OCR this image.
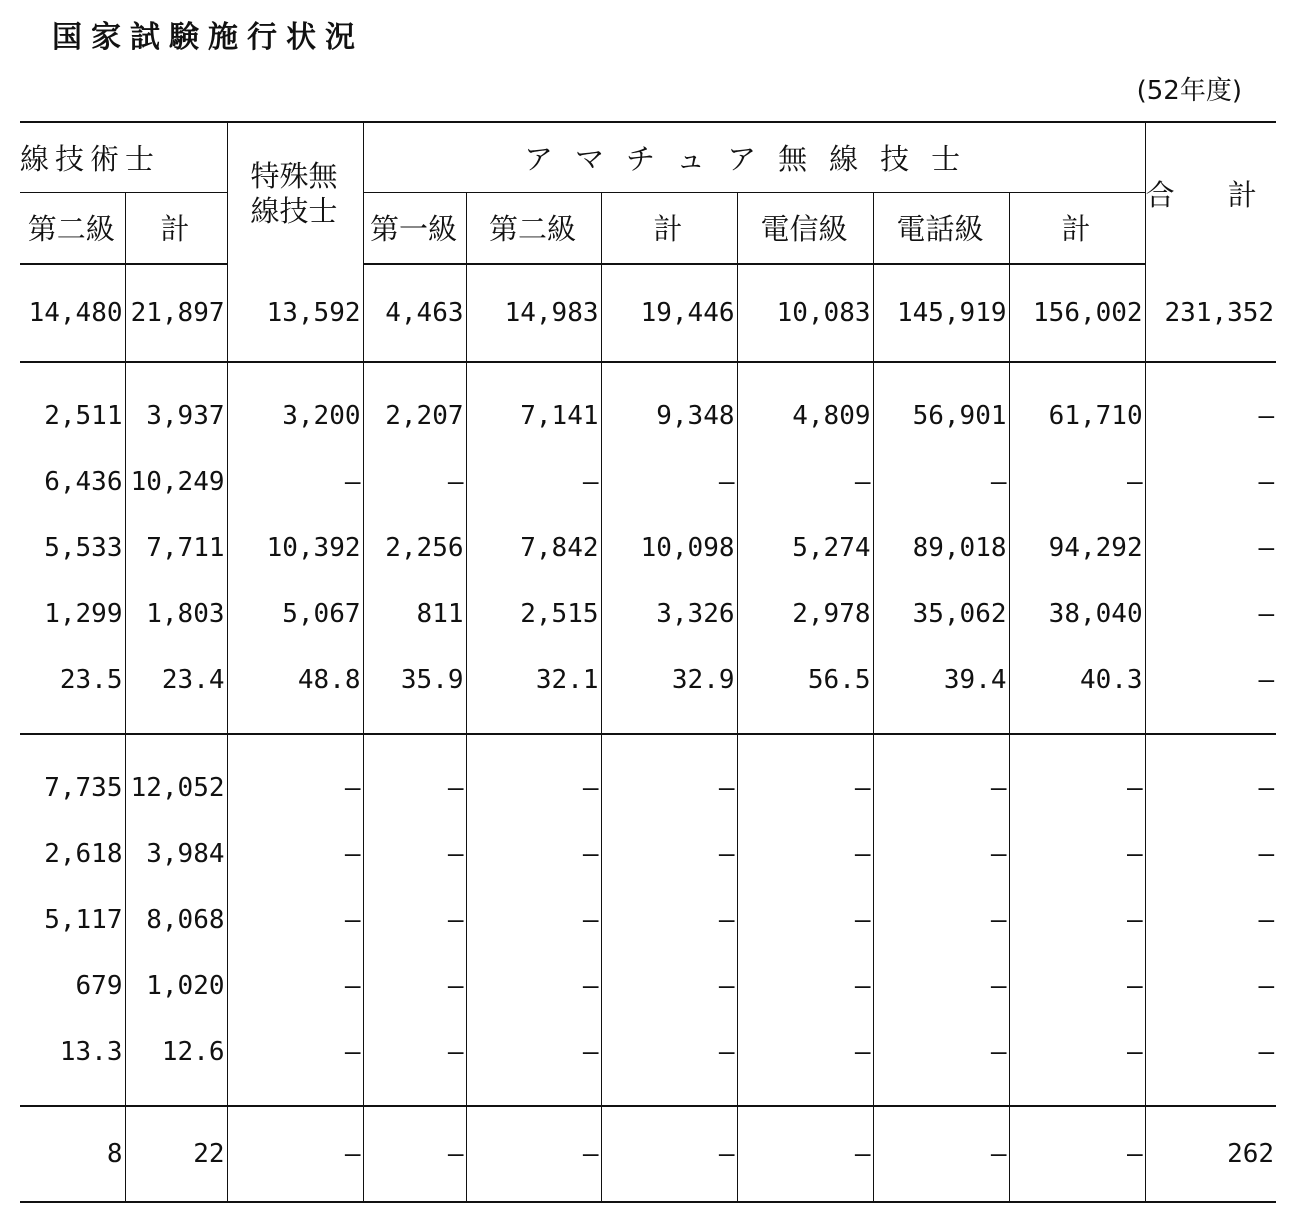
国家試験施行状況
(52年度)
線技術士		特殊無
線技士	アマチュア無線技士						合 計
第二級	計		第一級	第二級	計	電信級	電話級	計	
14,480	21,897	13,592	4,463	14,983	19,446	10,083	145,919	156,002	231,352

2,511	3,937	3,200	2,207	7,141	9,348	4,809	56,901	61,710	—
6,436	10,249	—	—	—	—	—	—	—	—
5,533	7,711	10,392	2,256	7,842	10,098	5,274	89,018	94,292	—
1,299	1,803	5,067	811	2,515	3,326	2,978	35,062	38,040	—
23.5	23.4	48.8	35.9	32.1	32.9	56.5	39.4	40.3	—

7,735	12,052	—	—	—	—	—	—	—	—
2,618	3,984	—	—	—	—	—	—	—	—
5,117	8,068	—	—	—	—	—	—	—	—
679	1,020	—	—	—	—	—	—	—	—
13.3	12.6	—	—	—	—	—	—	—	—

8	22	—	—	—	—	—	—	—	262
